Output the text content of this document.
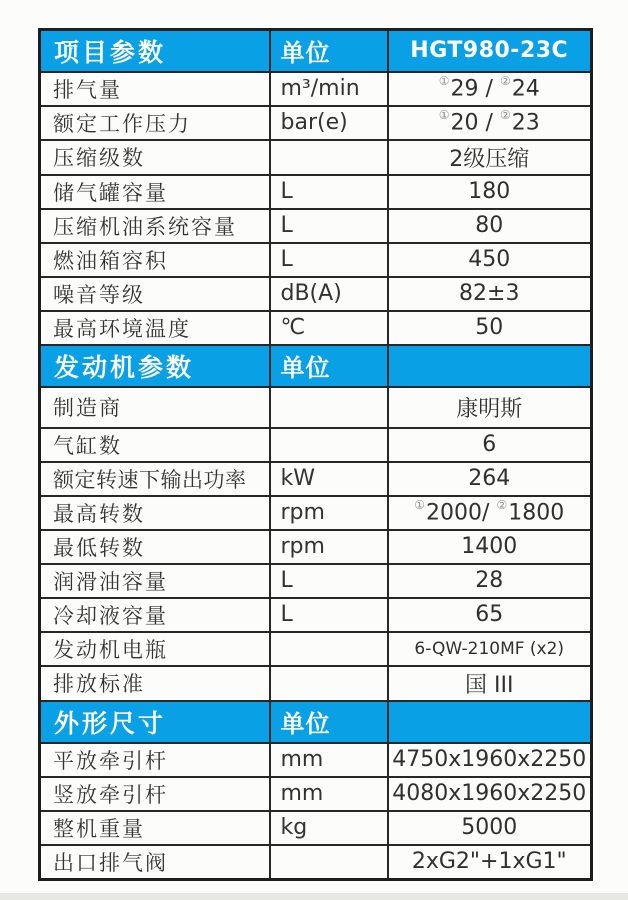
项目参数	单位	HGT980-23C
排气量	m³/min	①29 / ②24
额定工作压力	bar(e)	①20 / ②23
压缩级数		2级压缩
储气罐容量	L	180
压缩机油系统容量	L	80
燃油箱容积	L	450
噪音等级	dB(A)	82±3
最高环境温度	℃	50
发动机参数	单位	
制造商		康明斯
气缸数		6
额定转速下输出功率	kW	264
最高转数	rpm	①2000/ ②1800
最低转数	rpm	1400
润滑油容量	L	28
冷却液容量	L	65
发动机电瓶		6-QW-210MF (x2)
排放标准		国 III
外形尺寸	单位	
平放牵引杆	mm	4750x1960x2250
竖放牵引杆	mm	4080x1960x2250
整机重量	kg	5000
出口排气阀		2xG2"+1xG1"
